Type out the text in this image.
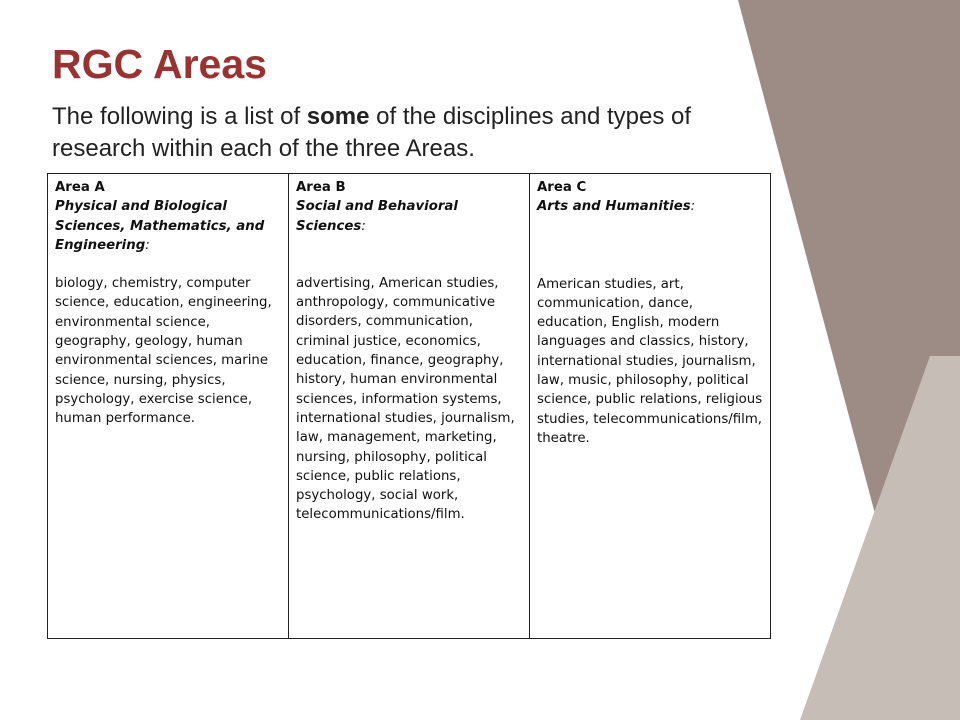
RGC Areas

The following is a list of some of the disciplines and types of research within each of the three Areas.

Area A
Physical and Biological Sciences, Mathematics, and Engineering:
biology, chemistry, computer science, education, engineering, environmental science, geography, geology, human environmental sciences, marine science, nursing, physics, psychology, exercise science, human performance.

Area B
Social and Behavioral Sciences:
advertising, American studies, anthropology, communicative disorders, communication, criminal justice, economics, education, finance, geography, history, human environmental sciences, information systems, international studies, journalism, law, management, marketing, nursing, philosophy, political science, public relations, psychology, social work, telecommunications/film.

Area C
Arts and Humanities:
American studies, art, communication, dance, education, English, modern languages and classics, history, international studies, journalism, law, music, philosophy, political science, public relations, religious studies, telecommunications/film, theatre.
